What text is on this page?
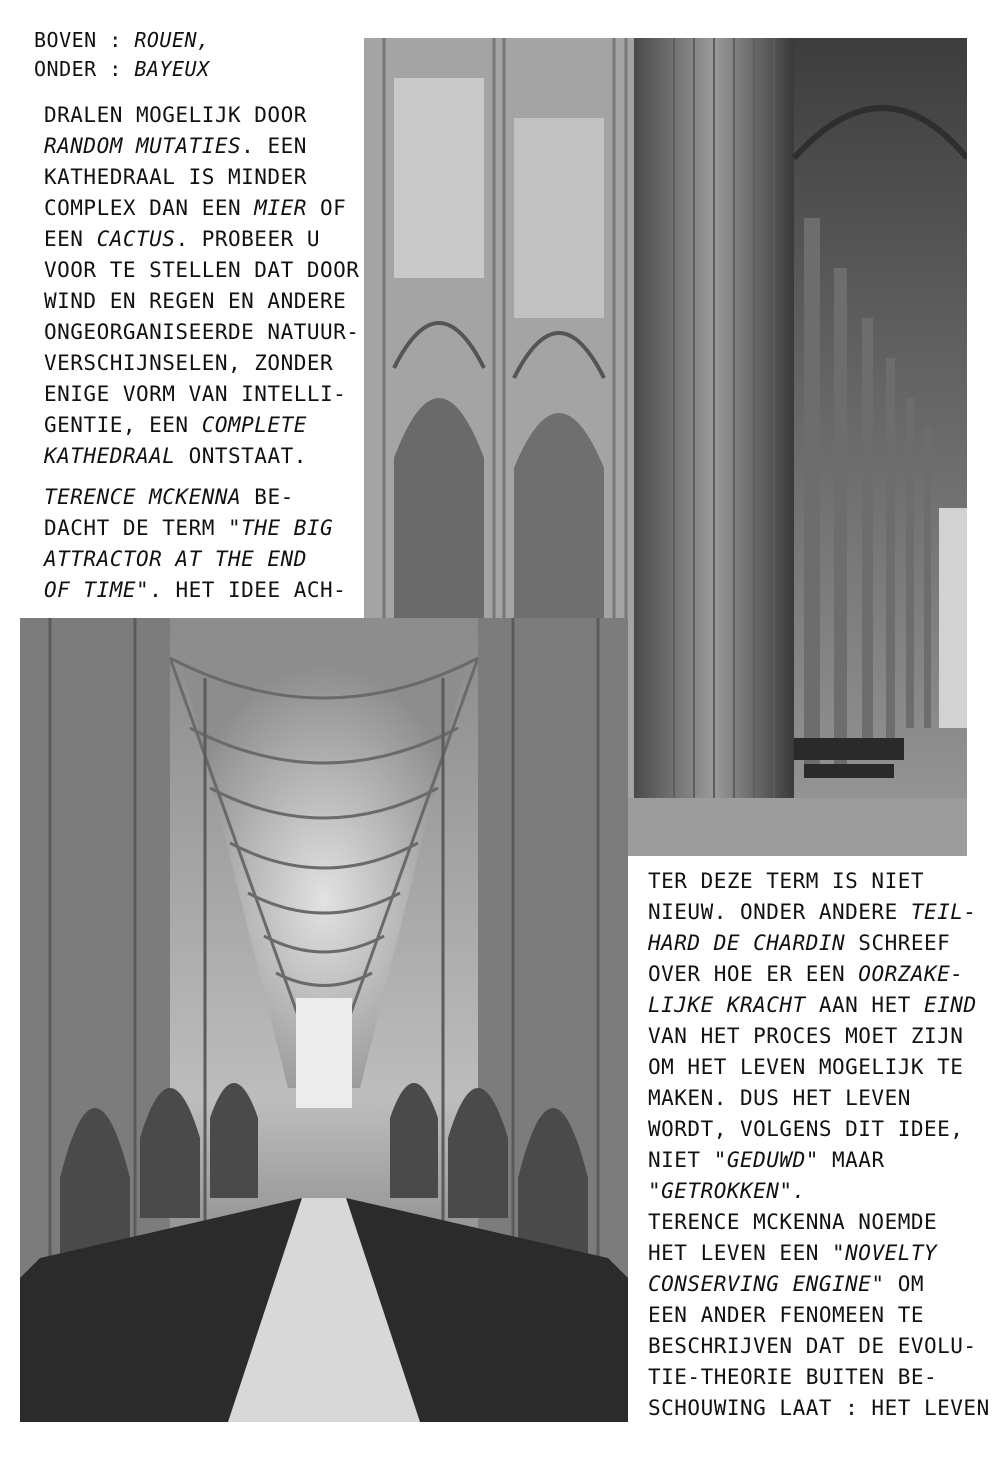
BOVEN : ROUEN,
ONDER : BAYEUX
DRALEN MOGELIJK DOOR
RANDOM MUTATIES. EEN
KATHEDRAAL IS MINDER
COMPLEX DAN EEN MIER OF
EEN CACTUS. PROBEER U
VOOR TE STELLEN DAT DOOR
WIND EN REGEN EN ANDERE
ONGEORGANISEERDE NATUUR-
VERSCHIJNSELEN, ZONDER
ENIGE VORM VAN INTELLI-
GENTIE, EEN COMPLETE
KATHEDRAAL ONTSTAAT.
TERENCE MCKENNA BE-
DACHT DE TERM "THE BIG
ATTRACTOR AT THE END
OF TIME". HET IDEE ACH-
TER DEZE TERM IS NIET
NIEUW. ONDER ANDERE TEIL-
HARD DE CHARDIN SCHREEF
OVER HOE ER EEN OORZAKE-
LIJKE KRACHT AAN HET EIND
VAN HET PROCES MOET ZIJN
OM HET LEVEN MOGELIJK TE
MAKEN. DUS HET LEVEN
WORDT, VOLGENS DIT IDEE,
NIET "GEDUWD" MAAR
"GETROKKEN".
TERENCE MCKENNA NOEMDE
HET LEVEN EEN "NOVELTY
CONSERVING ENGINE" OM
EEN ANDER FENOMEEN TE
BESCHRIJVEN DAT DE EVOLU-
TIE-THEORIE BUITEN BE-
SCHOUWING LAAT : HET LEVEN
